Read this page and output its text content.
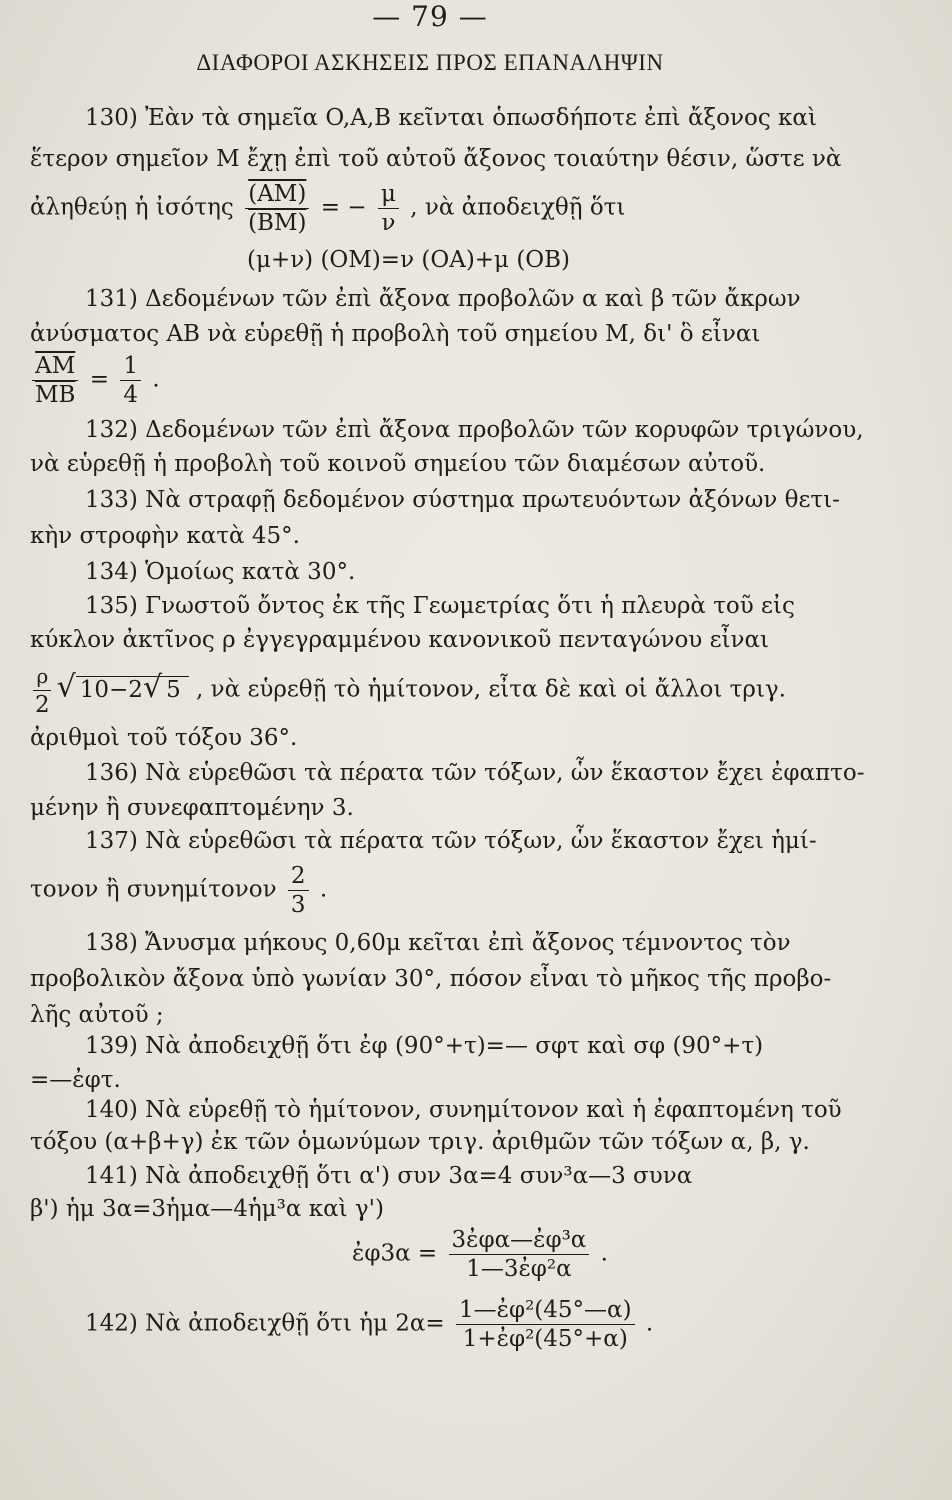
— 79 —
ΔΙΑΦΟΡΟΙ ΑΣΚΗΣΕΙΣ ΠΡΟΣ ΕΠΑΝΑΛΗΨΙΝ
130) Ἐὰν τὰ σημεῖα O,A,B κεῖνται ὁπωσδήποτε ἐπὶ ἄξονος καὶ
ἕτερον σημεῖον M ἔχῃ ἐπὶ τοῦ αὐτοῦ ἄξονος τοιαύτην θέσιν, ὥστε νὰ
ἀληθεύῃ ἡ ἰσότης $\frac{(AM)}{(BM)}$ = − $\frac{\mu}{\nu}$ , νὰ ἀποδειχθῇ ὅτι
(μ+ν) (OM)=ν (OA)+μ (OB)
131) Δεδομένων τῶν ἐπὶ ἄξονα προβολῶν α καὶ β τῶν ἄκρων
ἀνύσματος AB νὰ εὑρεθῇ ἡ προβολὴ τοῦ σημείου M, δι' ὃ εἶναι
$\frac{\overline{AM}}{MB} = \frac{1}{4}$ .
132) Δεδομένων τῶν ἐπὶ ἄξονα προβολῶν τῶν κορυφῶν τριγώνου,
νὰ εὑρεθῇ ἡ προβολὴ τοῦ κοινοῦ σημείου τῶν διαμέσων αὐτοῦ.
133) Νὰ στραφῇ δεδομένον σύστημα πρωτευόντων ἀξόνων θετι-
κὴν στροφὴν κατὰ 45°.
134) Ὁμοίως κατὰ 30°.
135) Γνωστοῦ ὄντος ἐκ τῆς Γεωμετρίας ὅτι ἡ πλευρὰ τοῦ εἰς
κύκλον ἀκτῖνος ρ ἐγγεγραμμένου κανονικοῦ πενταγώνου εἶναι
$\frac{\rho}{2}$ √ 10−2√ 5 , νὰ εὑρεθῇ τὸ ἡμίτονον, εἶτα δὲ καὶ οἱ ἄλλοι τριγ.
ἀριθμοὶ τοῦ τόξου 36°.
136) Νὰ εὑρεθῶσι τὰ πέρατα τῶν τόξων, ὧν ἕκαστον ἔχει ἐφαπτο-
μένην ἢ συνεφαπτομένην 3.
137) Νὰ εὑρεθῶσι τὰ πέρατα τῶν τόξων, ὧν ἕκαστον ἔχει ἡμί-
τονον ἢ συνημίτονον $\frac{2}{3}$ .
138) Ἄνυσμα μήκους 0,60μ κεῖται ἐπὶ ἄξονος τέμνοντος τὸν
προβολικὸν ἄξονα ὑπὸ γωνίαν 30°, πόσον εἶναι τὸ μῆκος τῆς προβο-
λῆς αὐτοῦ ;
139) Νὰ ἀποδειχθῇ ὅτι ἐφ (90°+τ)=— σφτ καὶ σφ (90°+τ)
=—ἐφτ.
140) Νὰ εὑρεθῇ τὸ ἡμίτονον, συνημίτονον καὶ ἡ ἐφαπτομένη τοῦ
τόξου (α+β+γ) ἐκ τῶν ὁμωνύμων τριγ. ἀριθμῶν τῶν τόξων α, β, γ.
141) Νὰ ἀποδειχθῇ ὅτι α') συν 3α=4 συν³α—3 συνα
β') ἡμ 3α=3ἡμα—4ἡμ³α καὶ γ')
ἐφ3α = $\frac{\text{3ἐφα—ἐφ³α}}{\text{1—3ἐφ²α}}$ .
142) Νὰ ἀποδειχθῇ ὅτι ἡμ $2\alpha= \frac{\text{1—ἐφ²(45°—α)}}{\text{1+ἐφ²(45°+α)}}$ .
